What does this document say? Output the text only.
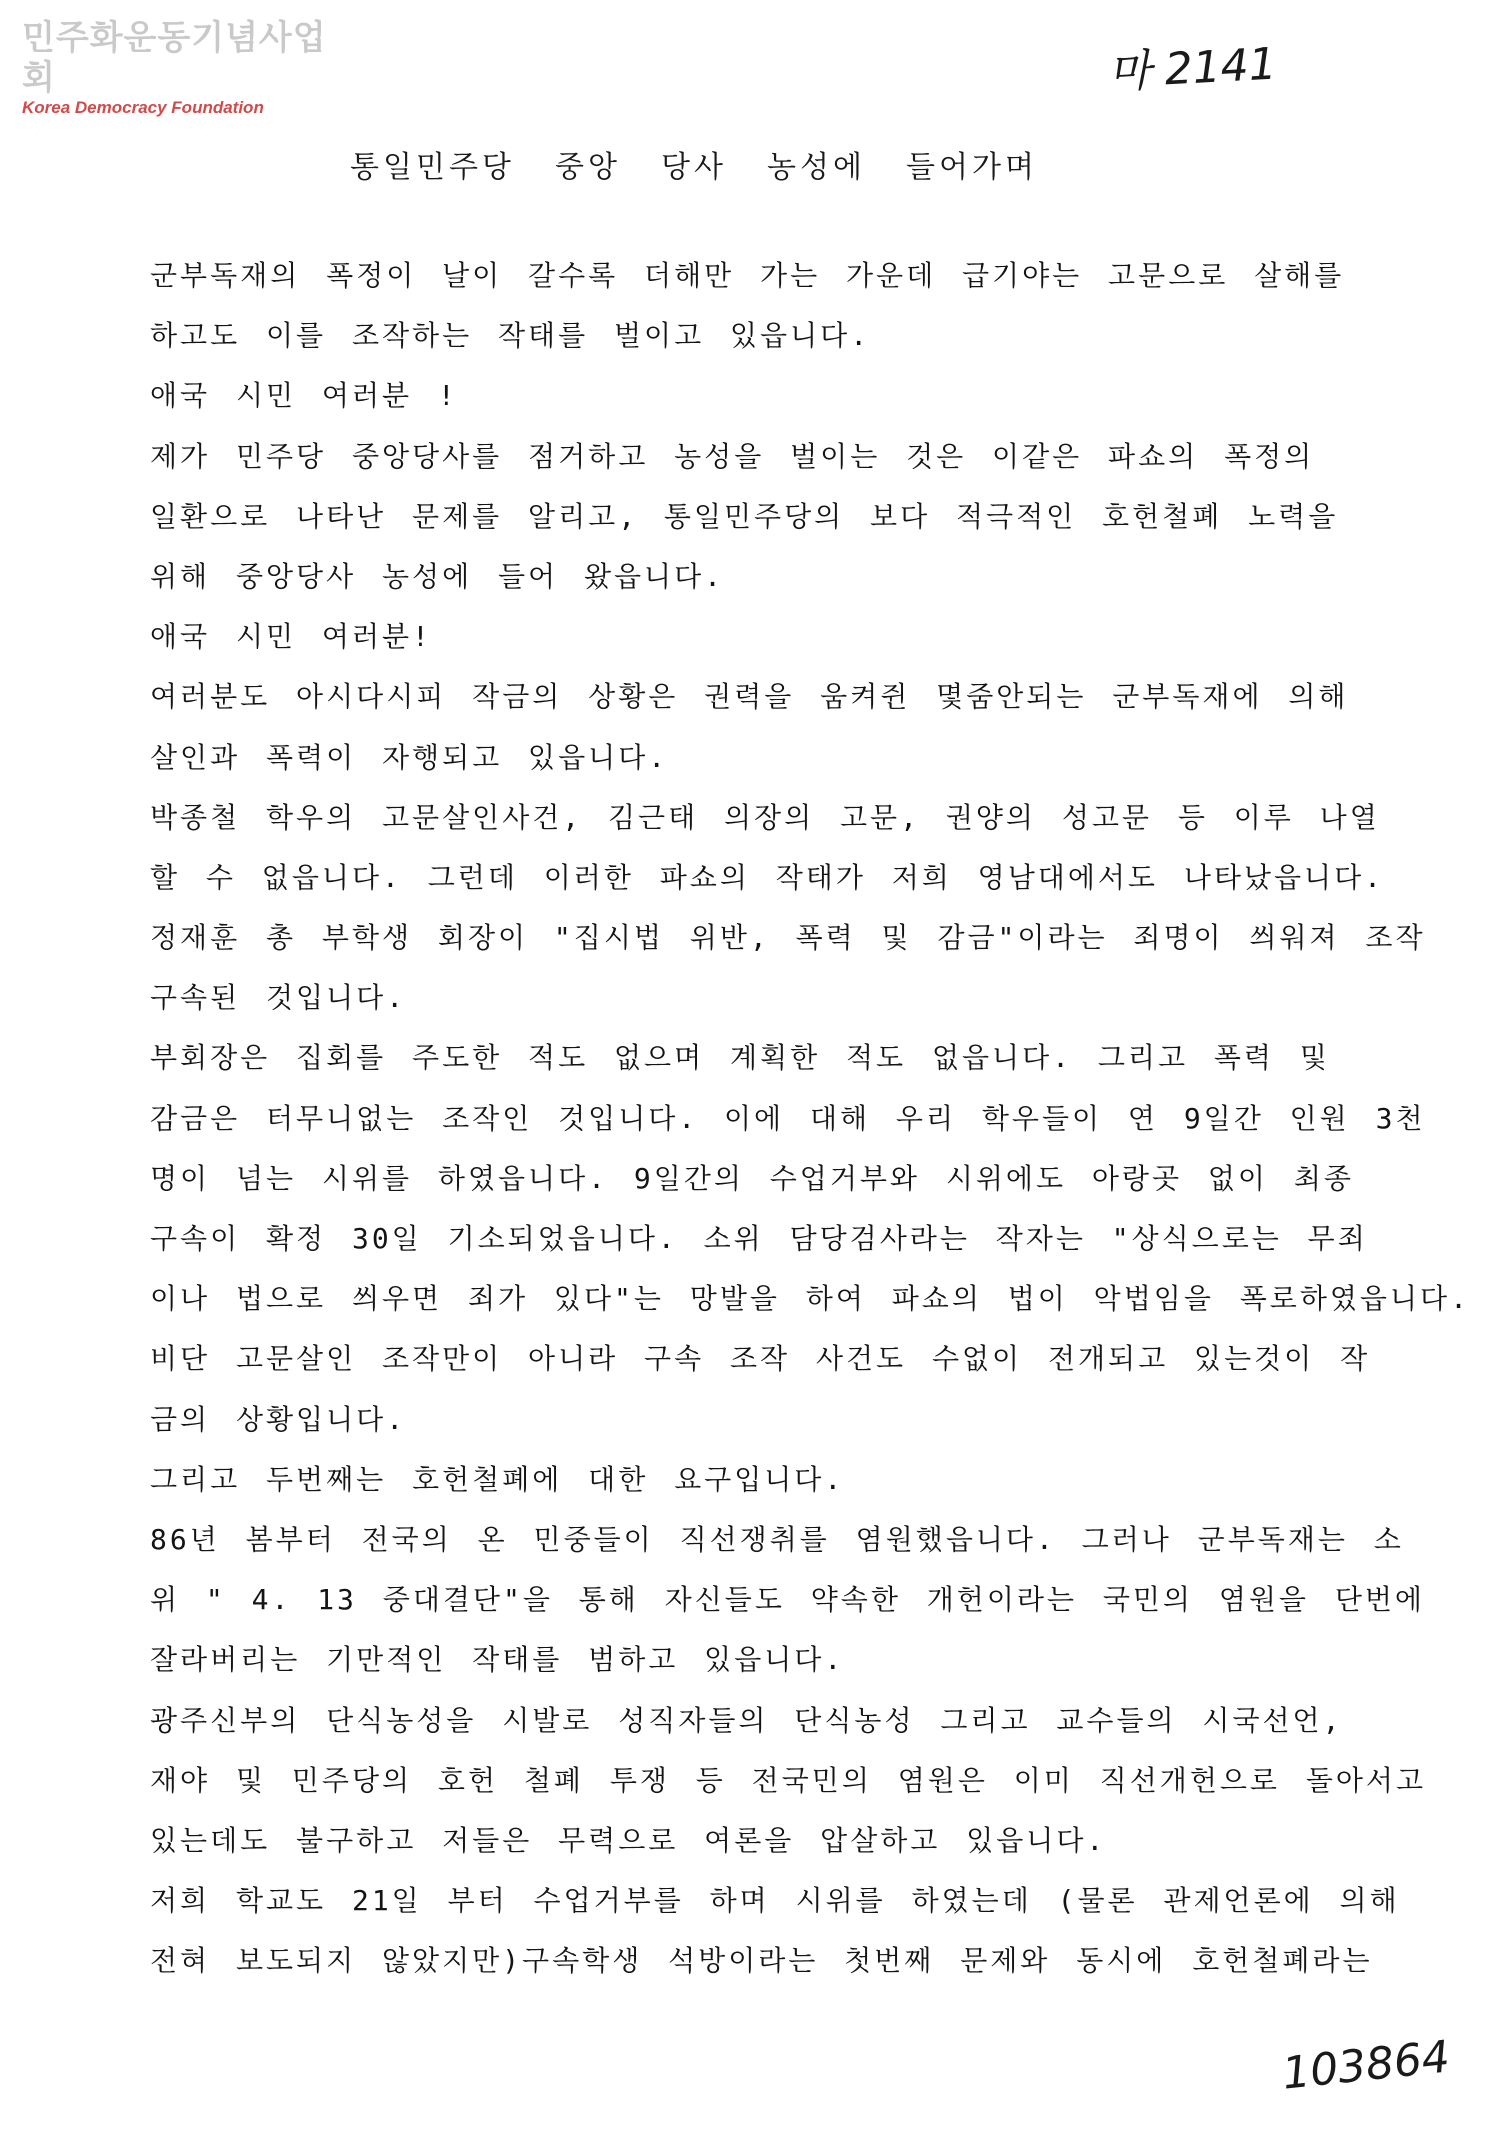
민주화운동기념사업회
Korea Democracy Foundation
마 2141
통일민주당 중앙 당사 농성에 들어가며
군부독재의 폭정이 날이 갈수록 더해만 가는 가운데 급기야는 고문으로 살해를
하고도 이를 조작하는 작태를 벌이고 있읍니다.
애국 시민 여러분 !
제가 민주당 중앙당사를 점거하고 농성을 벌이는 것은 이같은 파쇼의 폭정의
일환으로 나타난 문제를 알리고, 통일민주당의 보다 적극적인 호헌철폐 노력을
위해 중앙당사 농성에 들어 왔읍니다.
애국 시민 여러분!
여러분도 아시다시피 작금의 상황은 권력을 움켜쥔 몇줌안되는 군부독재에 의해
살인과 폭력이 자행되고 있읍니다.
박종철 학우의 고문살인사건, 김근태 의장의 고문, 권양의 성고문 등 이루 나열
할 수 없읍니다. 그런데 이러한 파쇼의 작태가 저희 영남대에서도 나타났읍니다.
정재훈 총 부학생 회장이 "집시법 위반, 폭력 및 감금"이라는 죄명이 씌워져 조작
구속된 것입니다.
부회장은 집회를 주도한 적도 없으며 계획한 적도 없읍니다. 그리고 폭력 및
감금은 터무니없는 조작인 것입니다. 이에 대해 우리 학우들이 연 9일간 인원 3천
명이 넘는 시위를 하였읍니다. 9일간의 수업거부와 시위에도 아랑곳 없이 최종
구속이 확정 30일 기소되었읍니다. 소위 담당검사라는 작자는 "상식으로는 무죄
이나 법으로 씌우면 죄가 있다"는 망발을 하여 파쇼의 법이 악법임을 폭로하였읍니다.
비단 고문살인 조작만이 아니라 구속 조작 사건도 수없이 전개되고 있는것이 작
금의 상황입니다.
그리고 두번째는 호헌철폐에 대한 요구입니다.
86년 봄부터 전국의 온 민중들이 직선쟁취를 염원했읍니다. 그러나 군부독재는 소
위 " 4. 13 중대결단"을 통해 자신들도 약속한 개헌이라는 국민의 염원을 단번에
잘라버리는 기만적인 작태를 범하고 있읍니다.
광주신부의 단식농성을 시발로 성직자들의 단식농성 그리고 교수들의 시국선언,
재야 및 민주당의 호헌 철폐 투쟁 등 전국민의 염원은 이미 직선개헌으로 돌아서고
있는데도 불구하고 저들은 무력으로 여론을 압살하고 있읍니다.
저희 학교도 21일 부터 수업거부를 하며 시위를 하였는데 (물론 관제언론에 의해
전혀 보도되지 않았지만)구속학생 석방이라는 첫번째 문제와 동시에 호헌철폐라는
103864
